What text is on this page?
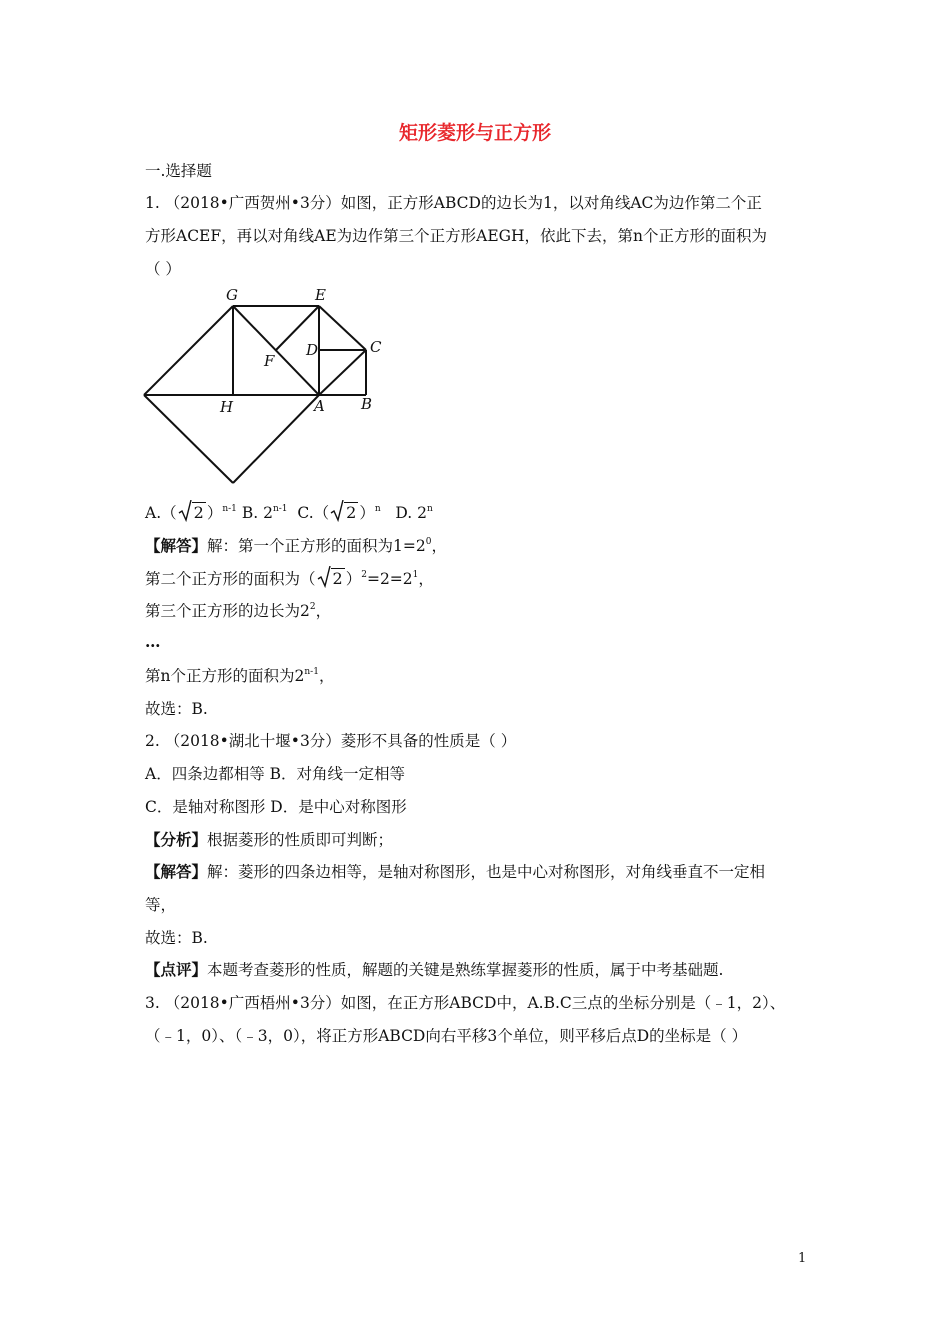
矩形菱形与正方形
一.选择题
1. （2018•广西贺州•3分）如图，正方形ABCD的边长为1，以对角线AC为边作第二个正
方形ACEF，再以对角线AE为边作第三个正方形AEGH，依此下去，第n个正方形的面积为
（ ）
G	E
C
D
F
H	A B
A.（ 2 ）$^{n-1}$ B. 2$^{n-1}$ C.（ 2 ）$^n$ D. 2$^n$
【解答】解：第一个正方形的面积为$1=2^0$，
第二个正方形的面积为（ 2 ）$^2=2=2^1$，
第三个正方形的边长为$2^2$，
…
第n个正方形的面积为2$^{n-1}$，
故选：B.
2. （2018•湖北十堰•3分）菱形不具备的性质是（ ）
A．四条边都相等 B．对角线一定相等
C．是轴对称图形 D．是中心对称图形
【分析】根据菱形的性质即可判断；
【解答】解：菱形的四条边相等，是轴对称图形，也是中心对称图形，对角线垂直不一定相
等，
故选：B.
【点评】本题考查菱形的性质，解题的关键是熟练掌握菱形的性质，属于中考基础题.
3. （2018•广西梧州•3分）如图，在正方形ABCD中，A.B.C三点的坐标分别是（﹣1，2）、
（﹣1，0）、（﹣3，0），将正方形ABCD向右平移3个单位，则平移后点D的坐标是（ ）
1
